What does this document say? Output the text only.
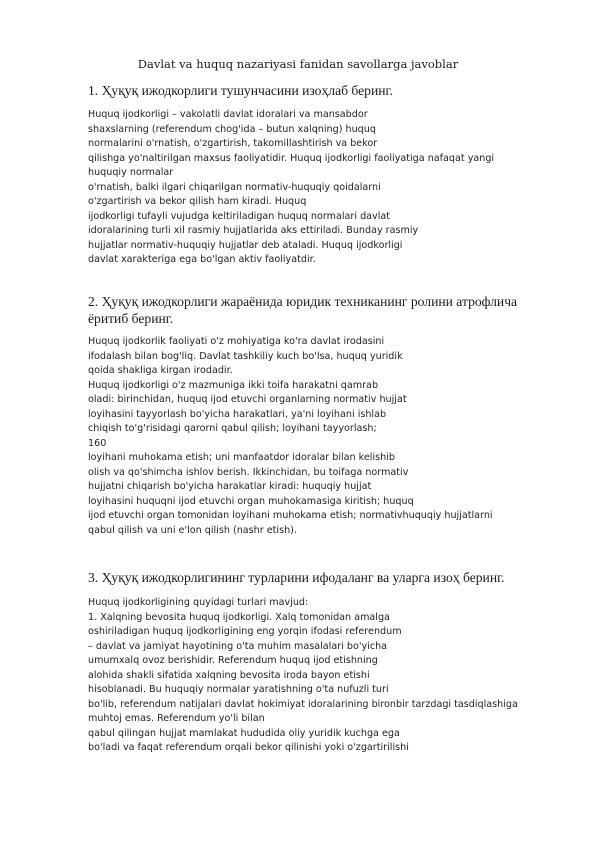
Davlat va huquq nazariyasi fanidan savollarga javoblar
1. Ҳуқуқ ижодкорлиги тушунчасини изоҳлаб беринг.
Huquq ijodkorligi – vakolatli davlat idoralari va mansabdor
shaxslarning (referendum chog'ida – butun xalqning) huquq
normalarini o'rnatish, o'zgartirish, takomillashtirish va bekor
qilishga yo'naltirilgan maxsus faoliyatidir. Huquq ijodkorligi faoliyatiga nafaqat yangi
huquqiy normalar
o'rnatish, balki ilgari chiqarilgan normativ-huquqiy qoidalarni
o'zgartirish va bekor qilish ham kiradi. Huquq
ijodkorligi tufayli vujudga keltiriladigan huquq normalari davlat
idoralarining turli xil rasmiy hujjatlarida aks ettiriladi. Bunday rasmiy
hujjatlar normativ-huquqiy hujjatlar deb ataladi. Huquq ijodkorligi
davlat xarakteriga ega bo'lgan aktiv faoliyatdir.
2. Ҳуқуқ ижодкорлиги жараёнида юридик техниканинг ролини атрофлича
ёритиб беринг.
Huquq ijodkorlik faoliyati o'z mohiyatiga ko'ra davlat irodasini
ifodalash bilan bog'liq. Davlat tashkiliy kuch bo'lsa, huquq yuridik
qoida shakliga kirgan irodadir.
Huquq ijodkorligi o'z mazmuniga ikki toifa harakatni qamrab
oladi: birinchidan, huquq ijod etuvchi organlarning normativ hujjat
loyihasini tayyorlash bo'yicha harakatlari, ya'ni loyihani ishlab
chiqish to'g'risidagi qarorni qabul qilish; loyihani tayyorlash;
160
loyihani muhokama etish; uni manfaatdor idoralar bilan kelishib
olish va qo'shimcha ishlov berish. Ikkinchidan, bu toifaga normativ
hujjatni chiqarish bo'yicha harakatlar kiradi: huquqiy hujjat
loyihasini huquqni ijod etuvchi organ muhokamasiga kiritish; huquq
ijod etuvchi organ tomonidan loyihani muhokama etish; normativhuquqiy hujjatlarni
qabul qilish va uni e'lon qilish (nashr etish).
3. Ҳуқуқ ижодкорлигининг турларини ифодаланг ва уларга изоҳ беринг.
Huquq ijodkorligining quyidagi turlari mavjud:
1. Xalqning bevosita huquq ijodkorligi. Xalq tomonidan amalga
oshiriladigan huquq ijodkorligining eng yorqin ifodasi referendum
– davlat va jamiyat hayotining o'ta muhim masalalari bo'yicha
umumxalq ovoz berishidir. Referendum huquq ijod etishning
alohida shakli sifatida xalqning bevosita iroda bayon etishi
hisoblanadi. Bu huquqiy normalar yaratishning o'ta nufuzli turi
bo'lib, referendum natijalari davlat hokimiyat idoralarining bironbir tarzdagi tasdiqlashiga
muhtoj emas. Referendum yo'li bilan
qabul qilingan hujjat mamlakat hududida oliy yuridik kuchga ega
bo'ladi va faqat referendum orqali bekor qilinishi yoki o'zgartirilishi
